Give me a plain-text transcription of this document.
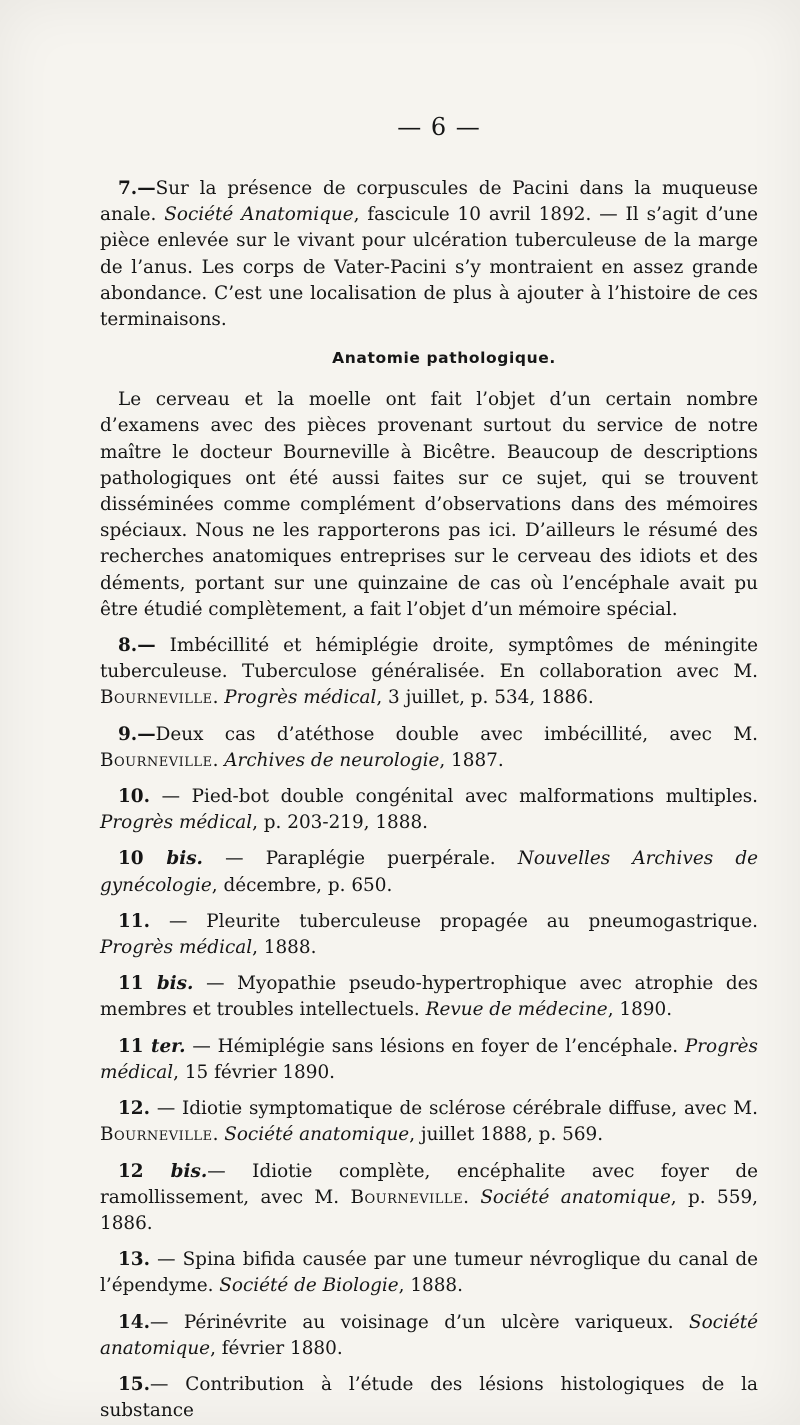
— 6 —

7.—Sur la présence de corpuscules de Pacini dans la muqueuse anale. Société Anatomique, fascicule 10 avril 1892. — Il s’agit d’une pièce enlevée sur le vivant pour ulcération tuberculeuse de la marge de l’anus. Les corps de Vater-Pacini s’y montraient en assez grande abondance. C’est une localisation de plus à ajouter à l’histoire de ces terminaisons.

Anatomie pathologique.

Le cerveau et la moelle ont fait l’objet d’un certain nombre d’examens avec des pièces provenant surtout du service de notre maître le docteur Bourneville à Bicêtre. Beaucoup de descriptions pathologiques ont été aussi faites sur ce sujet, qui se trouvent disséminées comme complément d’observations dans des mémoires spéciaux. Nous ne les rapporterons pas ici. D’ailleurs le résumé des recherches anatomiques entreprises sur le cerveau des idiots et des déments, portant sur une quinzaine de cas où l’encéphale avait pu être étudié complètement, a fait l’objet d’un mémoire spécial.

8.— Imbécillité et hémiplégie droite, symptômes de méningite tuberculeuse. Tuberculose généralisée. En collaboration avec M. Bourneville. Progrès médical, 3 juillet, p. 534, 1886.

9.—Deux cas d’atéthose double avec imbécillité, avec M. Bourneville. Archives de neurologie, 1887.

10. — Pied-bot double congénital avec malformations multiples. Progrès médical, p. 203-219, 1888.

10 bis. — Paraplégie puerpérale. Nouvelles Archives de gynécologie, décembre, p. 650.

11. — Pleurite tuberculeuse propagée au pneumogastrique. Progrès médical, 1888.

11 bis. — Myopathie pseudo-hypertrophique avec atrophie des membres et troubles intellectuels. Revue de médecine, 1890.

11 ter. — Hémiplégie sans lésions en foyer de l’encéphale. Progrès médical, 15 février 1890.

12. — Idiotie symptomatique de sclérose cérébrale diffuse, avec M. Bourneville. Société anatomique, juillet 1888, p. 569.

12 bis.— Idiotie complète, encéphalite avec foyer de ramollissement, avec M. Bourneville. Société anatomique, p. 559, 1886.

13. — Spina bifida causée par une tumeur névroglique du canal de l’épendyme. Société de Biologie, 1888.

14.— Périnévrite au voisinage d’un ulcère variqueux. Société anatomique, février 1880.

15.— Contribution à l’étude des lésions histologiques de la substance
